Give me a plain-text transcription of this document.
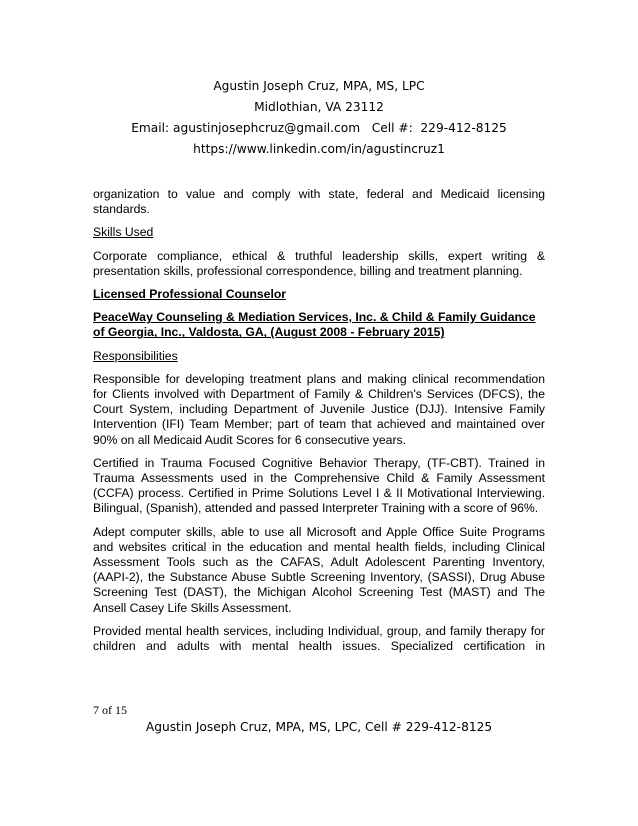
Agustin Joseph Cruz, MPA, MS, LPC
Midlothian, VA 23112
Email: agustinjosephcruz@gmail.com   Cell #:  229-412-8125
https://www.linkedin.com/in/agustincruz1

organization to value and comply with state, federal and Medicaid licensing standards.

Skills Used

Corporate compliance, ethical & truthful leadership skills, expert writing & presentation skills, professional correspondence, billing and treatment planning.

Licensed Professional Counselor

PeaceWay Counseling & Mediation Services, Inc. & Child & Family Guidance of Georgia, Inc., Valdosta, GA, (August 2008 - February 2015)

Responsibilities

Responsible for developing treatment plans and making clinical recommendation for Clients involved with Department of Family & Children's Services (DFCS), the Court System, including Department of Juvenile Justice (DJJ). Intensive Family Intervention (IFI) Team Member; part of team that achieved and maintained over 90% on all Medicaid Audit Scores for 6 consecutive years.

Certified in Trauma Focused Cognitive Behavior Therapy, (TF-CBT). Trained in Trauma Assessments used in the Comprehensive Child & Family Assessment (CCFA) process. Certified in Prime Solutions Level I & II Motivational Interviewing. Bilingual, (Spanish), attended and passed Interpreter Training with a score of 96%.

Adept computer skills, able to use all Microsoft and Apple Office Suite Programs and websites critical in the education and mental health fields, including Clinical Assessment Tools such as the CAFAS, Adult Adolescent Parenting Inventory, (AAPI-2), the Substance Abuse Subtle Screening Inventory, (SASSI), Drug Abuse Screening Test (DAST), the Michigan Alcohol Screening Test (MAST) and The Ansell Casey Life Skills Assessment.

Provided mental health services, including Individual, group, and family therapy for children and adults with mental health issues. Specialized certification in

7 of 15
Agustin Joseph Cruz, MPA, MS, LPC, Cell # 229-412-8125
